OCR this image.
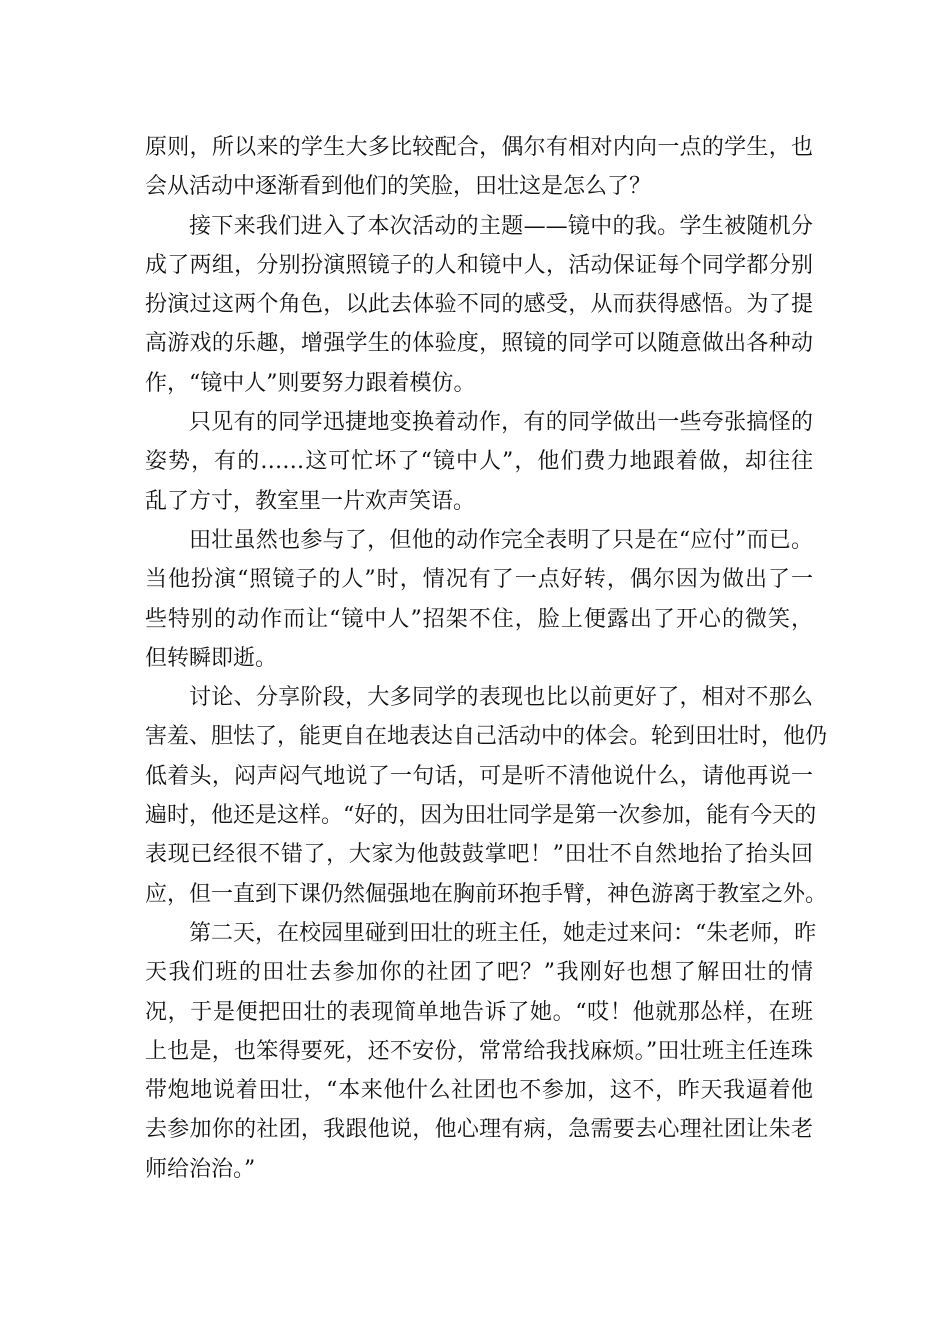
原则，所以来的学生大多比较配合，偶尔有相对内向一点的学生，也
会从活动中逐渐看到他们的笑脸，田壮这是怎么了？
接下来我们进入了本次活动的主题——镜中的我。学生被随机分
成了两组，分别扮演照镜子的人和镜中人，活动保证每个同学都分别
扮演过这两个角色，以此去体验不同的感受，从而获得感悟。为了提
高游戏的乐趣，增强学生的体验度，照镜的同学可以随意做出各种动
作，“镜中人”则要努力跟着模仿。
只见有的同学迅捷地变换着动作，有的同学做出一些夸张搞怪的
姿势，有的……这可忙坏了“镜中人”，他们费力地跟着做，却往往
乱了方寸，教室里一片欢声笑语。
田壮虽然也参与了，但他的动作完全表明了只是在“应付”而已。
当他扮演“照镜子的人”时，情况有了一点好转，偶尔因为做出了一
些特别的动作而让“镜中人”招架不住，脸上便露出了开心的微笑，
但转瞬即逝。
讨论、分享阶段，大多同学的表现也比以前更好了，相对不那么
害羞、胆怯了，能更自在地表达自己活动中的体会。轮到田壮时，他仍
低着头，闷声闷气地说了一句话，可是听不清他说什么，请他再说一
遍时，他还是这样。“好的，因为田壮同学是第一次参加，能有今天的
表现已经很不错了，大家为他鼓鼓掌吧！”田壮不自然地抬了抬头回
应，但一直到下课仍然倔强地在胸前环抱手臂，神色游离于教室之外。
第二天，在校园里碰到田壮的班主任，她走过来问：“朱老师，昨
天我们班的田壮去参加你的社团了吧？”我刚好也想了解田壮的情
况，于是便把田壮的表现简单地告诉了她。“哎！他就那怂样，在班
上也是，也笨得要死，还不安份，常常给我找麻烦。”田壮班主任连珠
带炮地说着田壮，“本来他什么社团也不参加，这不，昨天我逼着他
去参加你的社团，我跟他说，他心理有病，急需要去心理社团让朱老
师给治治。”
